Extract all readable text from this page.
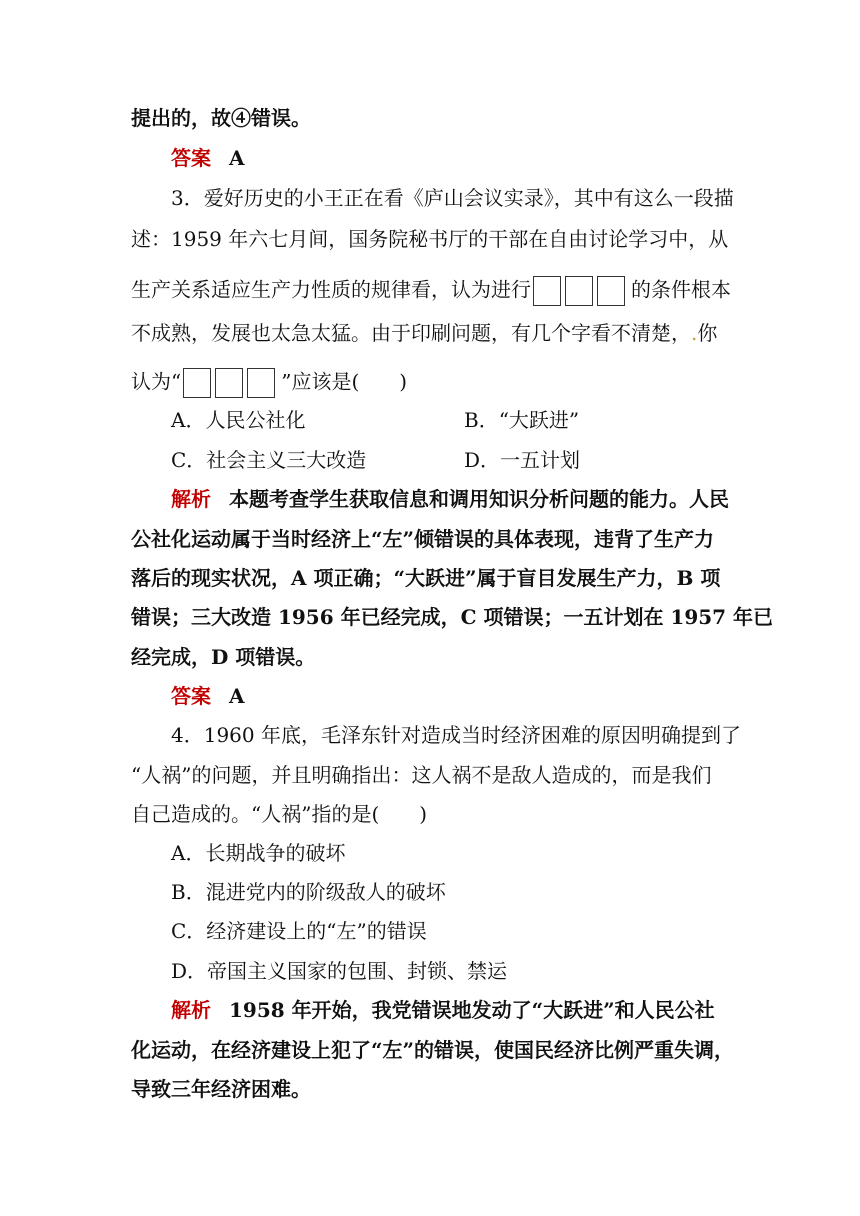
提出的，故④错误。
答案 A
3．爱好历史的小王正在看《庐山会议实录》，其中有这么一段描
述：1959 年六七月间，国务院秘书厅的干部在自由讨论学习中，从
生产关系适应生产力性质的规律看，认为进行	的条件根本
不成熟，发展也太急太猛。由于印刷问题，有几个字看不清楚，.你
认为“	”应该是(　　)
A．人民公社化	B．“大跃进”
C．社会主义三大改造	D．一五计划
解析 本题考查学生获取信息和调用知识分析问题的能力。人民
公社化运动属于当时经济上“左”倾错误的具体表现，违背了生产力
落后的现实状况，A 项正确；“大跃进”属于盲目发展生产力，B 项
错误；三大改造 1956 年已经完成，C 项错误；一五计划在 1957 年已
经完成，D 项错误。
答案 A
4．1960 年底，毛泽东针对造成当时经济困难的原因明确提到了
“人祸”的问题，并且明确指出：这人祸不是敌人造成的，而是我们
自己造成的。“人祸”指的是(　　)
A．长期战争的破坏
B．混进党内的阶级敌人的破坏
C．经济建设上的“左”的错误
D．帝国主义国家的包围、封锁、禁运
解析 1958 年开始，我党错误地发动了“大跃进”和人民公社
化运动，在经济建设上犯了“左”的错误，使国民经济比例严重失调，
导致三年经济困难。
